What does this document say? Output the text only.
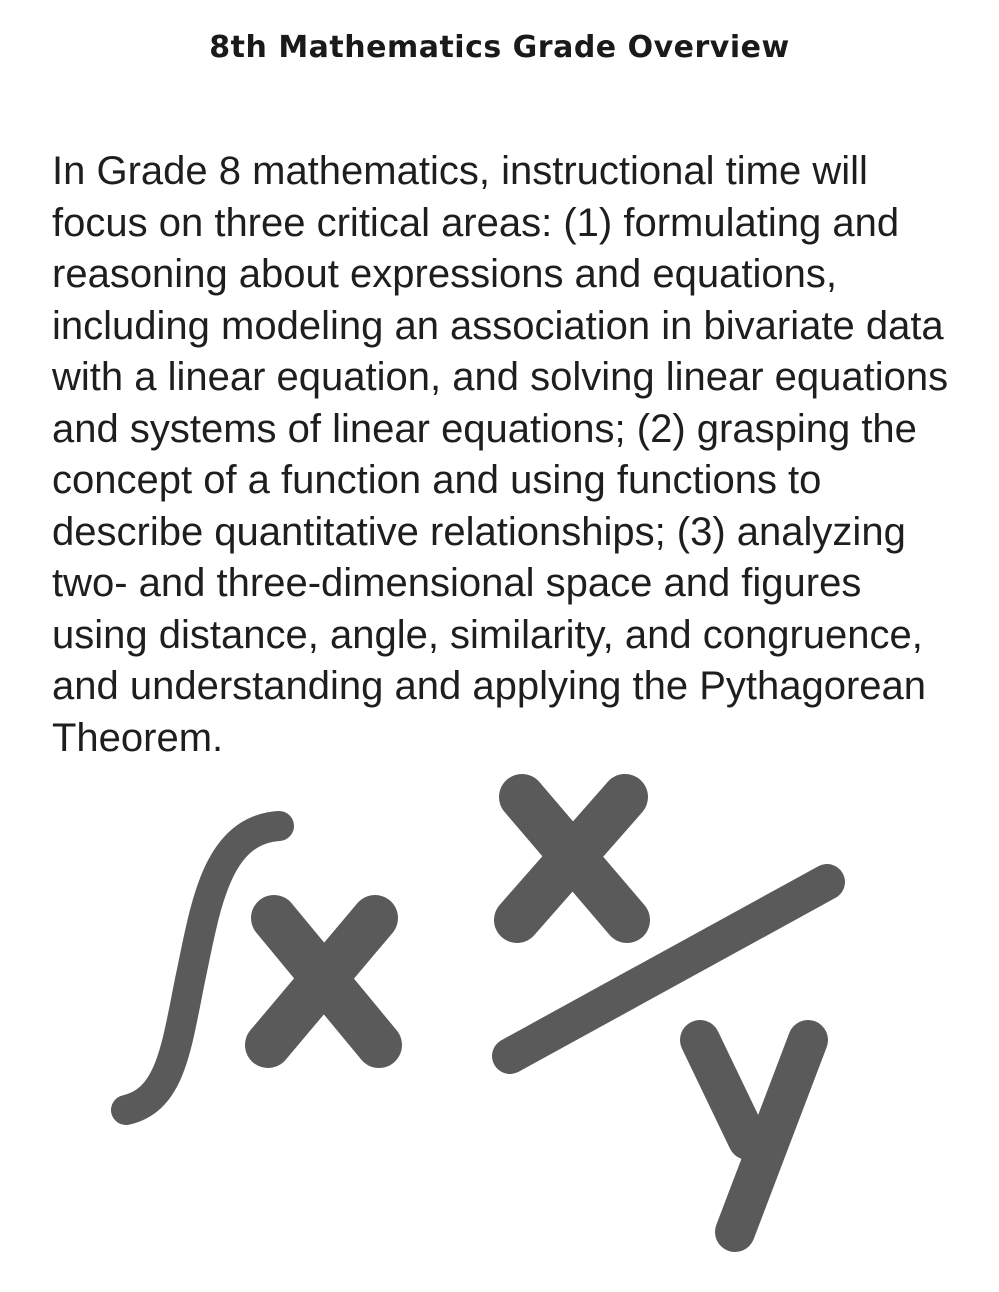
8th Mathematics Grade Overview

In Grade 8 mathematics, instructional time will
focus on three critical areas: (1) formulating and
reasoning about expressions and equations,
including modeling an association in bivariate data
with a linear equation, and solving linear equations
and systems of linear equations; (2) grasping the
concept of a function and using functions to
describe quantitative relationships; (3) analyzing
two- and three-dimensional space and figures
using distance, angle, similarity, and congruence,
and understanding and applying the Pythagorean
Theorem.
